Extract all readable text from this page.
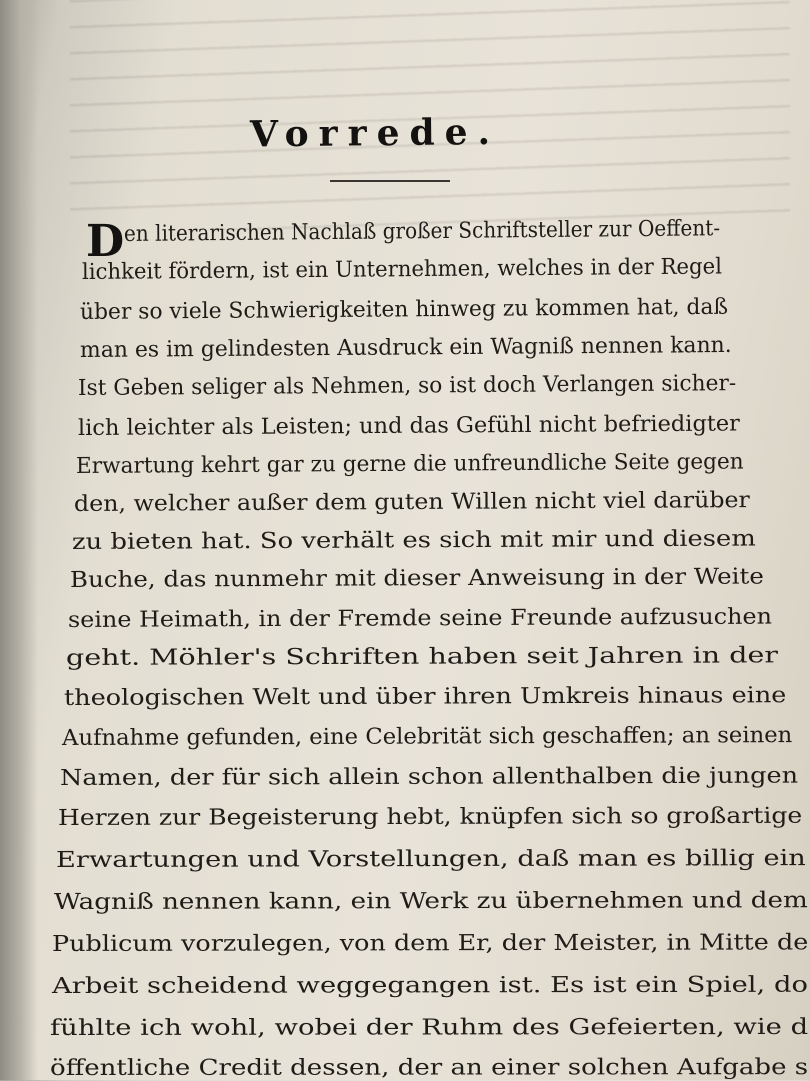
Vorrede.
D en literarischen Nachlaß großer Schriftsteller zur Oeffent-
lichkeit fördern, ist ein Unternehmen, welches in der Regel
über so viele Schwierigkeiten hinweg zu kommen hat, daß
man es im gelindesten Ausdruck ein Wagniß nennen kann.
Ist Geben seliger als Nehmen, so ist doch Verlangen sicher-
lich leichter als Leisten; und das Gefühl nicht befriedigter
Erwartung kehrt gar zu gerne die unfreundliche Seite gegen
den, welcher außer dem guten Willen nicht viel darüber
zu bieten hat. So verhält es sich mit mir und diesem
Buche, das nunmehr mit dieser Anweisung in der Weite
seine Heimath, in der Fremde seine Freunde aufzusuchen
geht. Möhler's Schriften haben seit Jahren in der
theologischen Welt und über ihren Umkreis hinaus eine
Aufnahme gefunden, eine Celebrität sich geschaffen; an seinen
Namen, der für sich allein schon allenthalben die jungen
Herzen zur Begeisterung hebt, knüpfen sich so großartige
Erwartungen und Vorstellungen, daß man es billig ein
Wagniß nennen kann, ein Werk zu übernehmen und dem
Publicum vorzulegen, von dem Er, der Meister, in Mitte de
Arbeit scheidend weggegangen ist. Es ist ein Spiel, do
fühlte ich wohl, wobei der Ruhm des Gefeierten, wie d
öffentliche Credit dessen, der an einer solchen Aufgabe s
